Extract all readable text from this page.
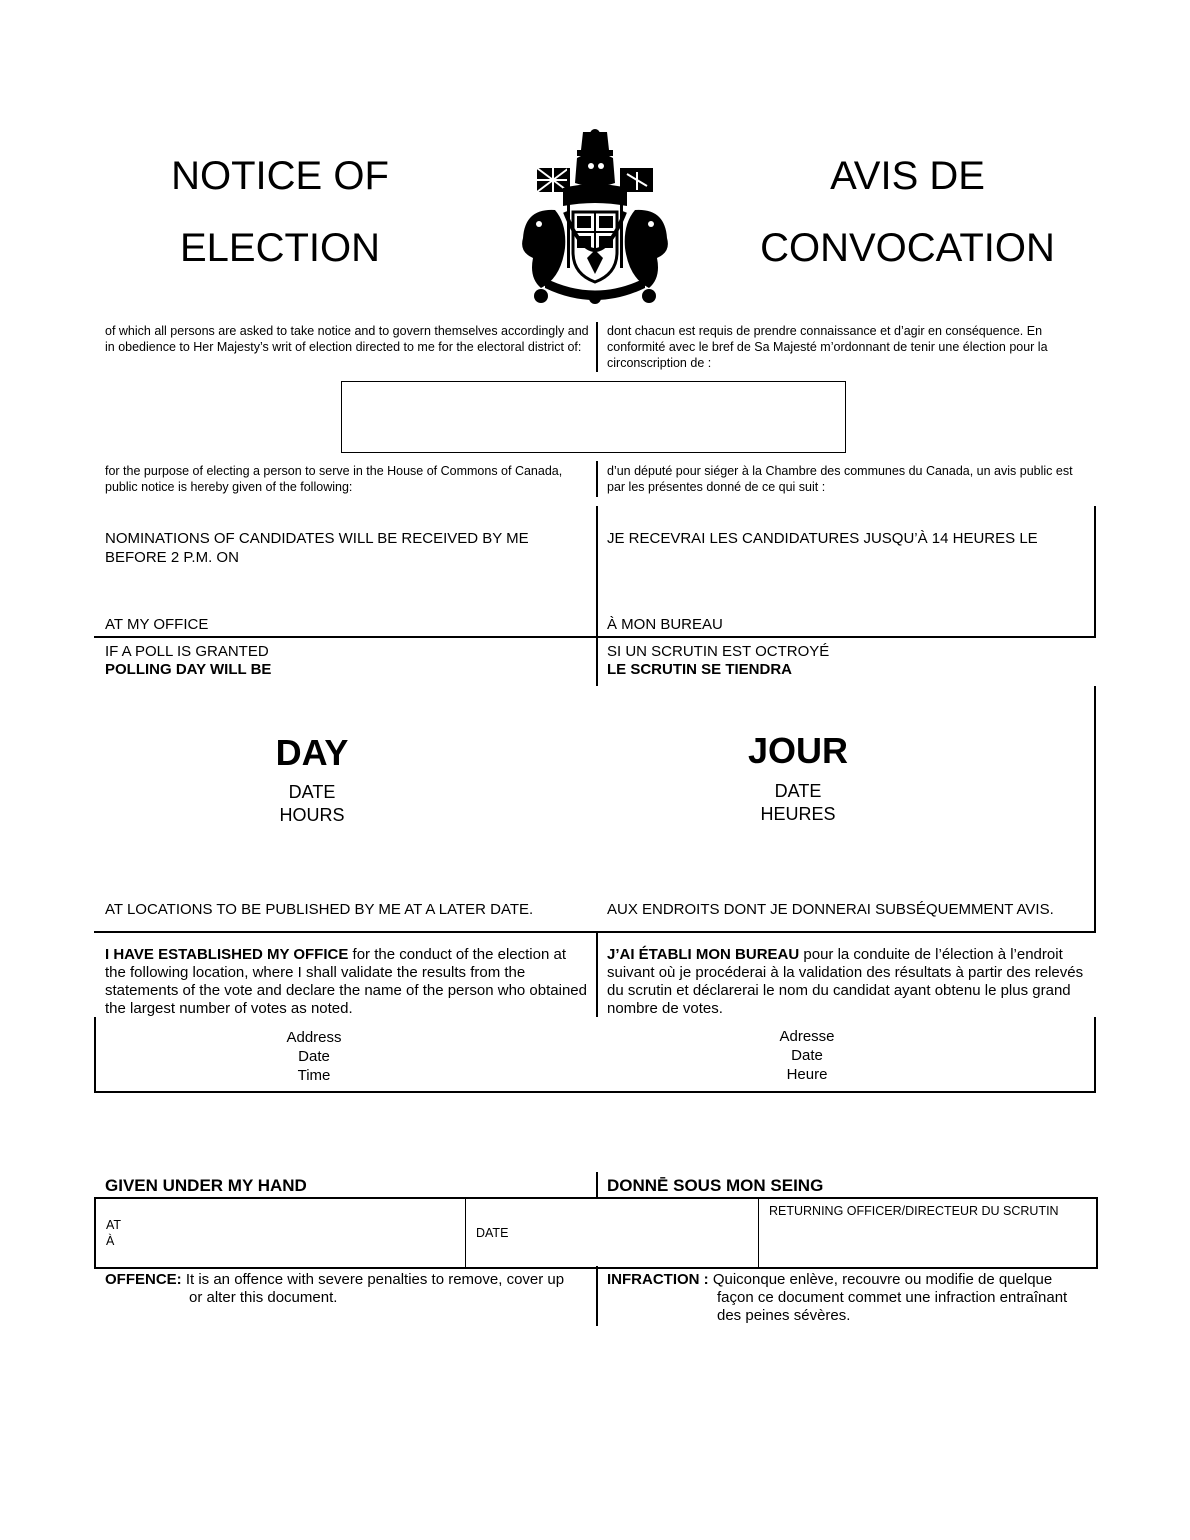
NOTICE OF
ELECTION
AVIS DE
CONVOCATION
of which all persons are asked to take notice and to govern themselves accordingly and in obedience to Her Majesty’s writ of election directed to me for the electoral district of:
dont chacun est requis de prendre connaissance et d’agir en conséquence. En conformité avec le bref de Sa Majesté m’ordonnant de tenir une élection pour la circonscription de :
for the purpose of electing a person to serve in the House of Commons of Canada, public notice is hereby given of the following:
d’un député pour siéger à la Chambre des communes du Canada, un avis public est par les présentes donné de ce qui suit :
NOMINATIONS OF CANDIDATES WILL BE RECEIVED BY ME BEFORE 2 P.M. ON
JE RECEVRAI LES CANDIDATURES JUSQU’À 14 HEURES LE
AT MY OFFICE	À MON BUREAU
IF A POLL IS GRANTED
POLLING DAY WILL BE
SI UN SCRUTIN EST OCTROYÉ
LE SCRUTIN SE TIENDRA
DAY
DATE
HOURS
JOUR
DATE
HEURES
AT LOCATIONS TO BE PUBLISHED BY ME AT A LATER DATE.	AUX ENDROITS DONT JE DONNERAI SUBSÉQUEMMENT AVIS.
I HAVE ESTABLISHED MY OFFICE for the conduct of the election at the following location, where I shall validate the results from the statements of the vote and declare the name of the person who obtained the largest number of votes as noted.
J’AI ÉTABLI MON BUREAU pour la conduite de l’élection à l’endroit suivant où je procéderai à la validation des résultats à partir des relevés du scrutin et déclarerai le nom du candidat ayant obtenu le plus grand nombre de votes.
Address
Date
Time
Adresse
Date
Heure
GIVEN UNDER MY HAND	DONNĒ SOUS MON SEING
AT
À
DATE
RETURNING OFFICER/DIRECTEUR DU SCRUTIN
OFFENCE: It is an offence with severe penalties to remove, cover up
or alter this document.
INFRACTION : Quiconque enlève, recouvre ou modifie de quelque
façon ce document commet une infraction entraînant
des peines sévères.
